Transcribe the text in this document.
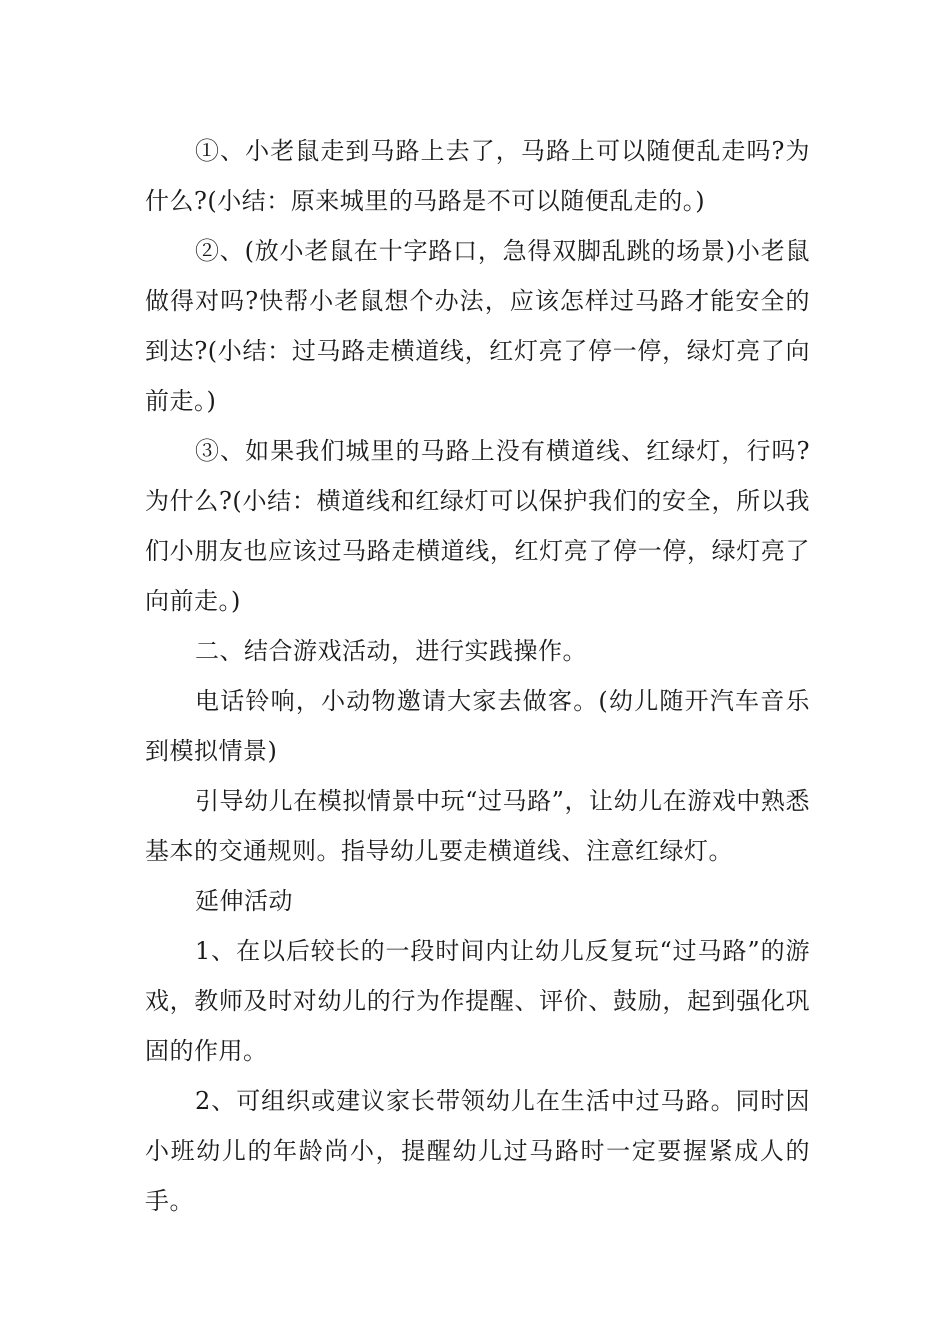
①、小老鼠走到马路上去了，马路上可以随便乱走吗?为什么?(小结：原来城里的马路是不可以随便乱走的。)

②、(放小老鼠在十字路口，急得双脚乱跳的场景)小老鼠做得对吗?快帮小老鼠想个办法，应该怎样过马路才能安全的到达?(小结：过马路走横道线，红灯亮了停一停，绿灯亮了向前走。)

③、如果我们城里的马路上没有横道线、红绿灯，行吗?为什么?(小结：横道线和红绿灯可以保护我们的安全，所以我们小朋友也应该过马路走横道线，红灯亮了停一停，绿灯亮了向前走。)

二、结合游戏活动，进行实践操作。

电话铃响，小动物邀请大家去做客。(幼儿随开汽车音乐到模拟情景)

引导幼儿在模拟情景中玩“过马路”，让幼儿在游戏中熟悉基本的交通规则。指导幼儿要走横道线、注意红绿灯。

延伸活动

1、在以后较长的一段时间内让幼儿反复玩“过马路”的游戏，教师及时对幼儿的行为作提醒、评价、鼓励，起到强化巩固的作用。

2、可组织或建议家长带领幼儿在生活中过马路。同时因小班幼儿的年龄尚小，提醒幼儿过马路时一定要握紧成人的手。
